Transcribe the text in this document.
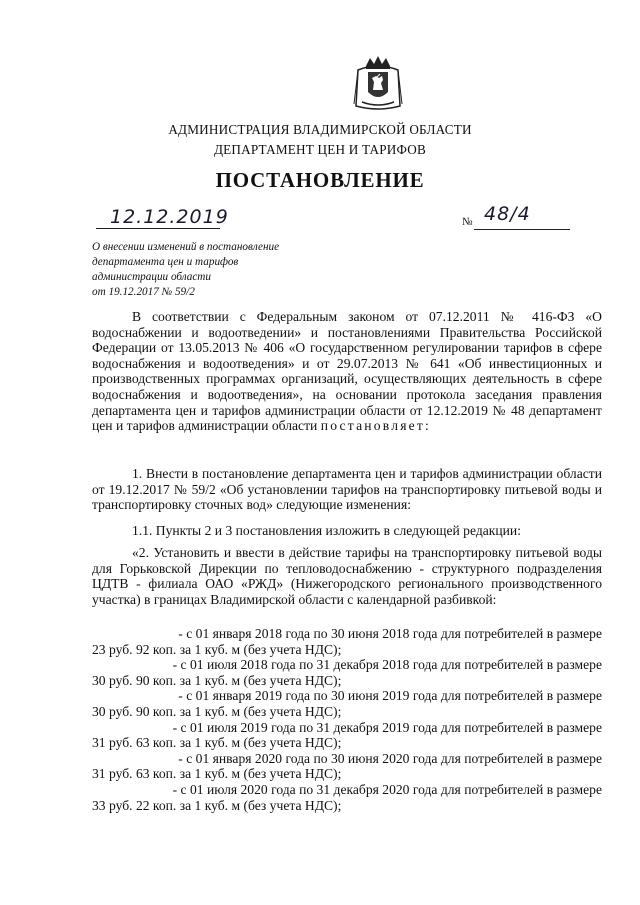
АДМИНИСТРАЦИЯ ВЛАДИМИРСКОЙ ОБЛАСТИ
ДЕПАРТАМЕНТ ЦЕН И ТАРИФОВ
ПОСТАНОВЛЕНИЕ
12.12.2019	№ 48/4
О внесении изменений в постановление
департамента цен и тарифов
администрации области
от 19.12.2017 № 59/2

В соответствии с Федеральным законом от 07.12.2011 № 416-ФЗ «О водоснабжении и водоотведении» и постановлениями Правительства Российской Федерации от 13.05.2013 № 406 «О государственном регулировании тарифов в сфере водоснабжения и водоотведения» и от 29.07.2013 № 641 «Об инвестиционных и производственных программах организаций, осуществляющих деятельность в сфере водоснабжения и водоотведения», на основании протокола заседания правления департамента цен и тарифов администрации области от 12.12.2019 № 48 департамент цен и тарифов администрации области постановляет:

1. Внести в постановление департамента цен и тарифов администрации области от 19.12.2017 № 59/2 «Об установлении тарифов на транспортировку питьевой воды и транспортировку сточных вод» следующие изменения:

1.1. Пункты 2 и 3 постановления изложить в следующей редакции:

«2. Установить и ввести в действие тарифы на транспортировку питьевой воды для Горьковской Дирекции по тепловодоснабжению - структурного подразделения ЦДТВ - филиала ОАО «РЖД» (Нижегородского регионального производственного участка) в границах Владимирской области с календарной разбивкой:

- с 01 января 2018 года по 30 июня 2018 года для потребителей в размере
23 руб. 92 коп. за 1 куб. м (без учета НДС);

- с 01 июля 2018 года по 31 декабря 2018 года для потребителей в размере
30 руб. 90 коп. за 1 куб. м (без учета НДС);

- с 01 января 2019 года по 30 июня 2019 года для потребителей в размере
30 руб. 90 коп. за 1 куб. м (без учета НДС);

- с 01 июля 2019 года по 31 декабря 2019 года для потребителей в размере
31 руб. 63 коп. за 1 куб. м (без учета НДС);

- с 01 января 2020 года по 30 июня 2020 года для потребителей в размере
31 руб. 63 коп. за 1 куб. м (без учета НДС);

- с 01 июля 2020 года по 31 декабря 2020 года для потребителей в размере
33 руб. 22 коп. за 1 куб. м (без учета НДС);
